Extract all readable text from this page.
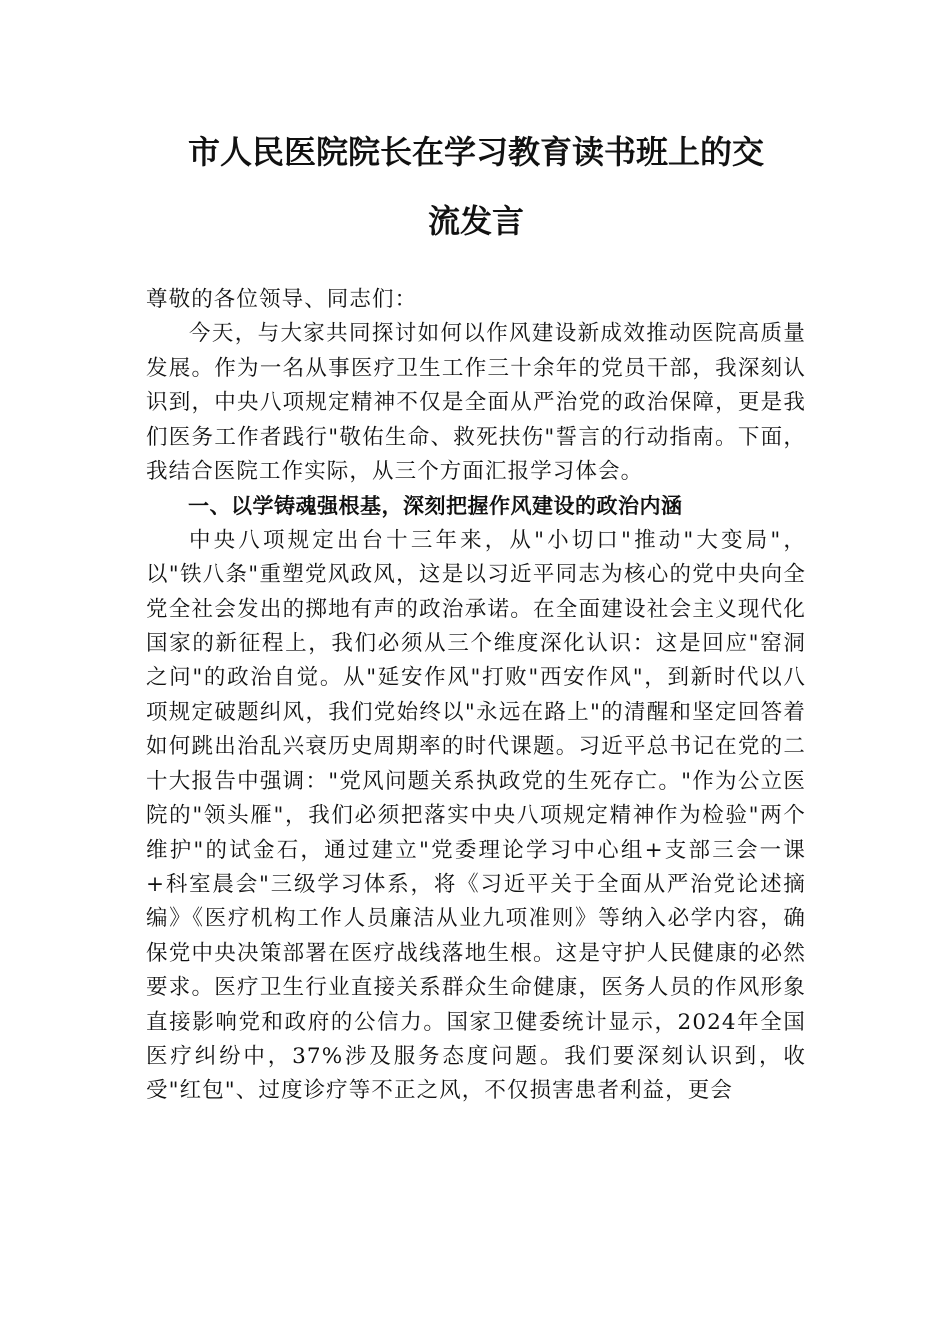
市人民医院院长在学习教育读书班上的交
流发言

尊敬的各位领导、同志们：

今天，与大家共同探讨如何以作风建设新成效推动医院高质量发展。作为一名从事医疗卫生工作三十余年的党员干部，我深刻认识到，中央八项规定精神不仅是全面从严治党的政治保障，更是我们医务工作者践行"敬佑生命、救死扶伤"誓言的行动指南。下面，我结合医院工作实际，从三个方面汇报学习体会。

一、以学铸魂强根基，深刻把握作风建设的政治内涵

中央八项规定出台十三年来，从"小切口"推动"大变局"，以"铁八条"重塑党风政风，这是以习近平同志为核心的党中央向全党全社会发出的掷地有声的政治承诺。在全面建设社会主义现代化国家的新征程上，我们必须从三个维度深化认识：这是回应"窑洞之问"的政治自觉。从"延安作风"打败"西安作风"，到新时代以八项规定破题纠风，我们党始终以"永远在路上"的清醒和坚定回答着如何跳出治乱兴衰历史周期率的时代课题。习近平总书记在党的二十大报告中强调："党风问题关系执政党的生死存亡。"作为公立医院的"领头雁"，我们必须把落实中央八项规定精神作为检验"两个维护"的试金石，通过建立"党委理论学习中心组+支部三会一课+科室晨会"三级学习体系，将《习近平关于全面从严治党论述摘编》《医疗机构工作人员廉洁从业九项准则》等纳入必学内容，确保党中央决策部署在医疗战线落地生根。这是守护人民健康的必然要求。医疗卫生行业直接关系群众生命健康，医务人员的作风形象直接影响党和政府的公信力。国家卫健委统计显示，2024年全国医疗纠纷中，37%涉及服务态度问题。我们要深刻认识到，收受"红包"、过度诊疗等不正之风，不仅损害患者利益，更会
